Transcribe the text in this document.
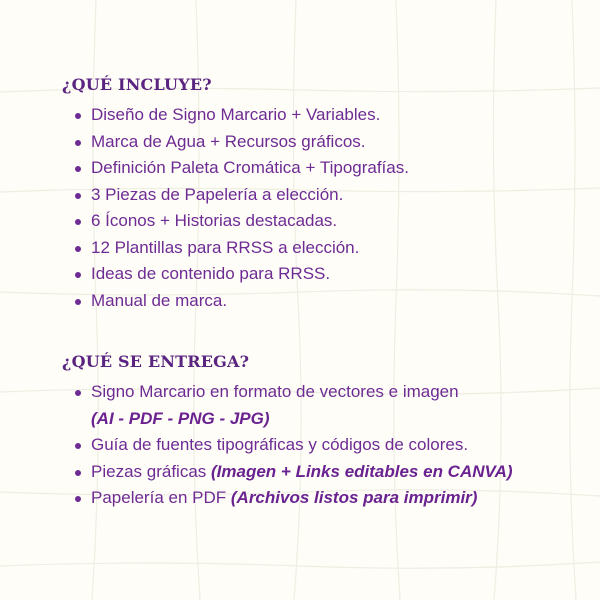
¿QUÉ INCLUYE?
Diseño de Signo Marcario + Variables.
Marca de Agua + Recursos gráficos.
Definición Paleta Cromática + Tipografías.
3 Piezas de Papelería a elección.
6 Íconos + Historias destacadas.
12 Plantillas para RRSS a elección.
Ideas de contenido para RRSS.
Manual de marca.
¿QUÉ SE ENTREGA?
Signo Marcario en formato de vectores e imagen
(AI - PDF - PNG - JPG)
Guía de fuentes tipográficas y códigos de colores.
Piezas gráficas (Imagen + Links editables en CANVA)
Papelería en PDF (Archivos listos para imprimir)
